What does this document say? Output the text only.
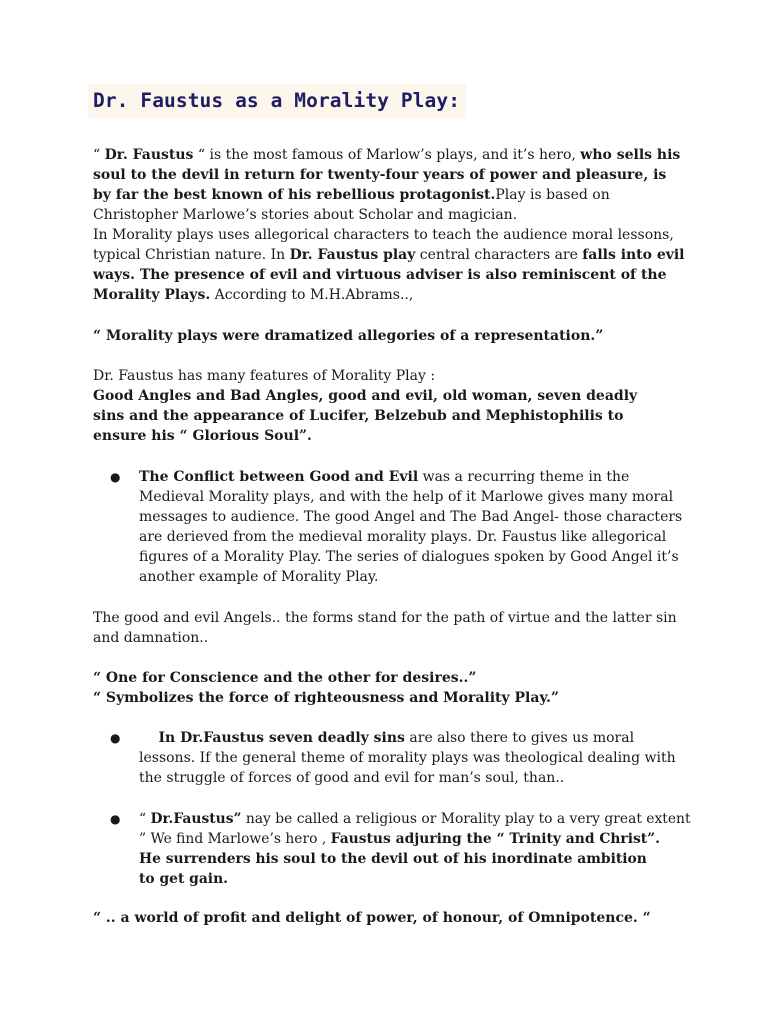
Dr. Faustus as a Morality Play:

“ Dr. Faustus “ is the most famous of Marlow’s plays, and it’s hero, who sells his

soul to the devil in return for twenty-four years of power and pleasure, is

by far the best known of his rebellious protagonist.Play is based on

Christopher Marlowe’s stories about Scholar and magician.

In Morality plays uses allegorical characters to teach the audience moral lessons,

typical Christian nature. In Dr. Faustus play central characters are falls into evil

ways. The presence of evil and virtuous adviser is also reminiscent of the

Morality Plays. According to M.H.Abrams..,

“ Morality plays were dramatized allegories of a representation.”

Dr. Faustus has many features of Morality Play :

Good Angles and Bad Angles, good and evil, old woman, seven deadly

sins and the appearance of Lucifer, Belzebub and Mephistophilis to

ensure his “ Glorious Soul”.

● The Conflict between Good and Evil was a recurring theme in the

Medieval Morality plays, and with the help of it Marlowe gives many moral

messages to audience. The good Angel and The Bad Angel- those characters

are derieved from the medieval morality plays. Dr. Faustus like allegorical

figures of a Morality Play. The series of dialogues spoken by Good Angel it’s

another example of Morality Play.

The good and evil Angels.. the forms stand for the path of virtue and the latter sin

and damnation..

“ One for Conscience and the other for desires..”

“ Symbolizes the force of righteousness and Morality Play.”

● In Dr.Faustus seven deadly sins are also there to gives us moral

lessons. If the general theme of morality plays was theological dealing with

the struggle of forces of good and evil for man’s soul, than..

● “ Dr.Faustus” nay be called a religious or Morality play to a very great extent

” We find Marlowe’s hero , Faustus adjuring the “ Trinity and Christ”.

He surrenders his soul to the devil out of his inordinate ambition

to get gain.

“ .. a world of profit and delight of power, of honour, of Omnipotence. “
